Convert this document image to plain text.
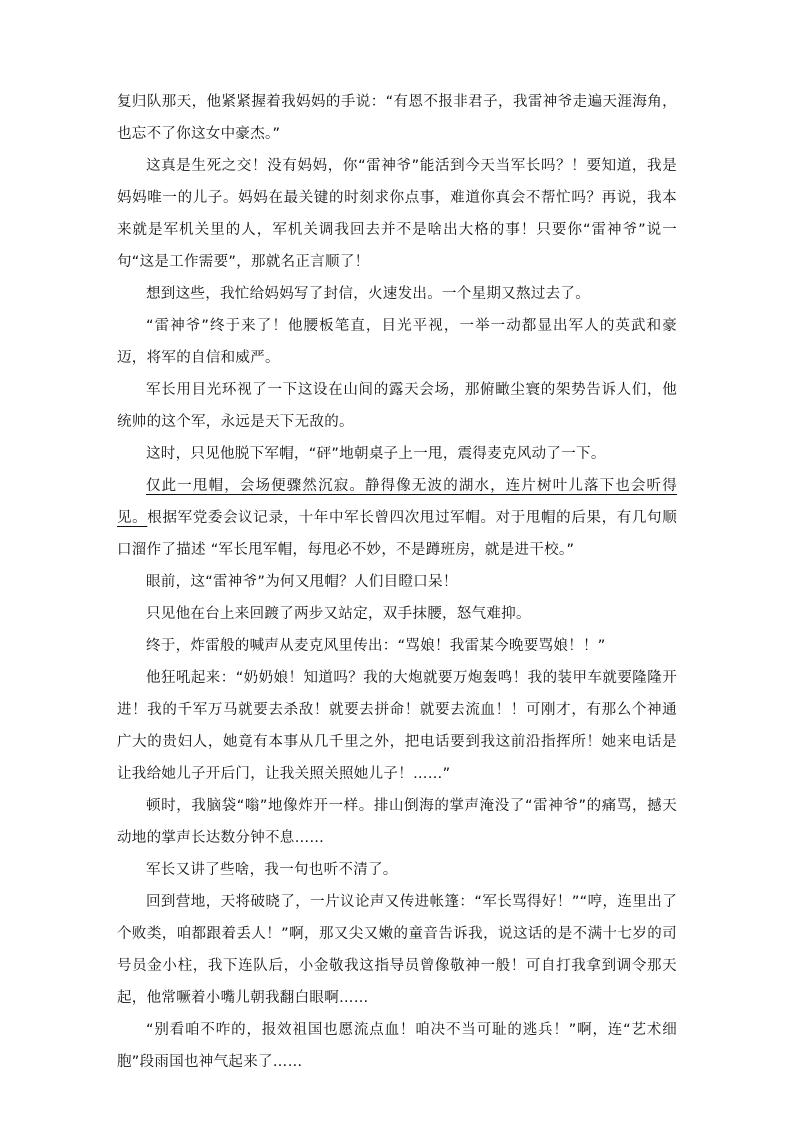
复归队那天，他紧紧握着我妈妈的手说：“有恩不报非君子，我雷神爷走遍天涯海角，也忘不了你这女中豪杰。”

这真是生死之交！没有妈妈，你“雷神爷”能活到今天当军长吗？！要知道，我是妈妈唯一的儿子。妈妈在最关键的时刻求你点事，难道你真会不帮忙吗？再说，我本来就是军机关里的人，军机关调我回去并不是啥出大格的事！只要你“雷神爷”说一句“这是工作需要”，那就名正言顺了！

想到这些，我忙给妈妈写了封信，火速发出。一个星期又熬过去了。

“雷神爷”终于来了！他腰板笔直，目光平视，一举一动都显出军人的英武和豪迈，将军的自信和威严。

军长用目光环视了一下这设在山间的露天会场，那俯瞰尘寰的架势告诉人们，他统帅的这个军，永远是天下无敌的。

这时，只见他脱下军帽，“砰”地朝桌子上一甩，震得麦克风动了一下。

仅此一甩帽，会场便骤然沉寂。静得像无波的湖水，连片树叶儿落下也会听得见。根据军党委会议记录，十年中军长曾四次甩过军帽。对于甩帽的后果，有几句顺口溜作了描述 “军长甩军帽，每甩必不妙，不是蹲班房，就是进干校。”

眼前，这“雷神爷”为何又甩帽？人们目瞪口呆！

只见他在台上来回踱了两步又站定，双手抹腰，怒气难抑。

终于，炸雷般的喊声从麦克风里传出：“骂娘！我雷某今晚要骂娘！！”

他狂吼起来：“奶奶娘！知道吗？我的大炮就要万炮轰鸣！我的装甲车就要隆隆开进！我的千军万马就要去杀敌！就要去拼命！就要去流血！！可刚才，有那么个神通广大的贵妇人，她竟有本事从几千里之外，把电话要到我这前沿指挥所！她来电话是让我给她儿子开后门，让我关照关照她儿子！……”

顿时，我脑袋“嗡”地像炸开一样。排山倒海的掌声淹没了“雷神爷”的痛骂，撼天动地的掌声长达数分钟不息……

军长又讲了些啥，我一句也听不清了。

回到营地，天将破晓了，一片议论声又传进帐篷：“军长骂得好！”“哼，连里出了个败类，咱都跟着丢人！”啊，那又尖又嫩的童音告诉我，说这话的是不满十七岁的司号员金小柱，我下连队后，小金敬我这指导员曾像敬神一般！可自打我拿到调令那天起，他常噘着小嘴儿朝我翻白眼啊……

“别看咱不咋的，报效祖国也愿流点血！咱决不当可耻的逃兵！”啊，连“艺术细胞”段雨国也神气起来了……
